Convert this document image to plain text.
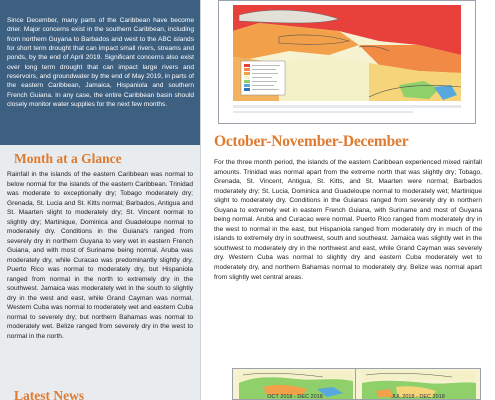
Since December, many parts of the Caribbean have become drier. Major concerns exist in the southern Caribbean, including from northern Guyana to Barbados and west to the ABC islands for short term drought that can impact small rivers, streams and ponds, by the end of April 2019. Significant concerns also exist over long term drought that can impact large rivers and reservoirs, and groundwater by the end of May 2019, in parts of the eastern Caribbean, Jamaica, Hispaniola and southern French Guiana. In any case, the entire Caribbean basin should closely monitor water supplies for the next few months.
Month at a Glance
Rainfall in the islands of the eastern Caribbean was normal to below normal for the islands of the eastern Caribbean. Trinidad was moderate to exceptionally dry; Tobago moderately dry; Grenada, St. Lucia and St. Kitts normal; Barbados, Antigua and St. Maarten slight to moderately dry; St. Vincent normal to slightly dry; Martinique, Dominica and Guadeloupe normal to moderately dry. Conditions in the Guiana's ranged from severely dry in northern Guyana to very wet in eastern French Guiana, and with most of Suriname being normal. Aruba was moderately dry, while Curacao was predominantly slightly dry. Puerto Rico was normal to moderately dry, but Hispaniola ranged from normal in the north to extremely dry in the southwest. Jamaica was moderately wet in the south to slightly dry in the west and east, while Grand Cayman was normal. Western Cuba was normal to moderately wet and eastern Cuba normal to severely dry; but northern Bahamas was normal to moderately wet. Belize ranged from severely dry in the west to normal in the north.
Latest News
October-November-December
For the three month period, the islands of the eastern Caribbean experienced mixed rainfall amounts. Trinidad was normal apart from the extreme north that was slightly dry; Tobago, Grenada, St. Vincent, Antigua, St. Kitts, and St. Maarten were normal; Barbados moderately dry; St. Lucia, Dominica and Guadeloupe normal to moderately wet; Martinique slight to moderately dry. Conditions in the Guianas ranged from severely dry in northern Guyana to extremely wet in eastern French Guiana, with Suriname and most of Guyana being normal. Aruba and Curacao were normal. Puerto Rico ranged from moderately dry in the west to normal in the east, but Hispaniola ranged from moderately dry in much of the islands to extremely dry in southwest, south and southeast. Jamaica was slightly wet in the southwest to moderately dry in the northwest and east, while Grand Cayman was severely dry. Western Cuba was normal to slightly dry and eastern Cuba moderately wet to moderately dry, and northern Bahamas normal to moderately dry. Belize was normal apart from slightly wet central areas.
OCT 2018 - DEC 2018	JUL 2018 - DEC 2018
